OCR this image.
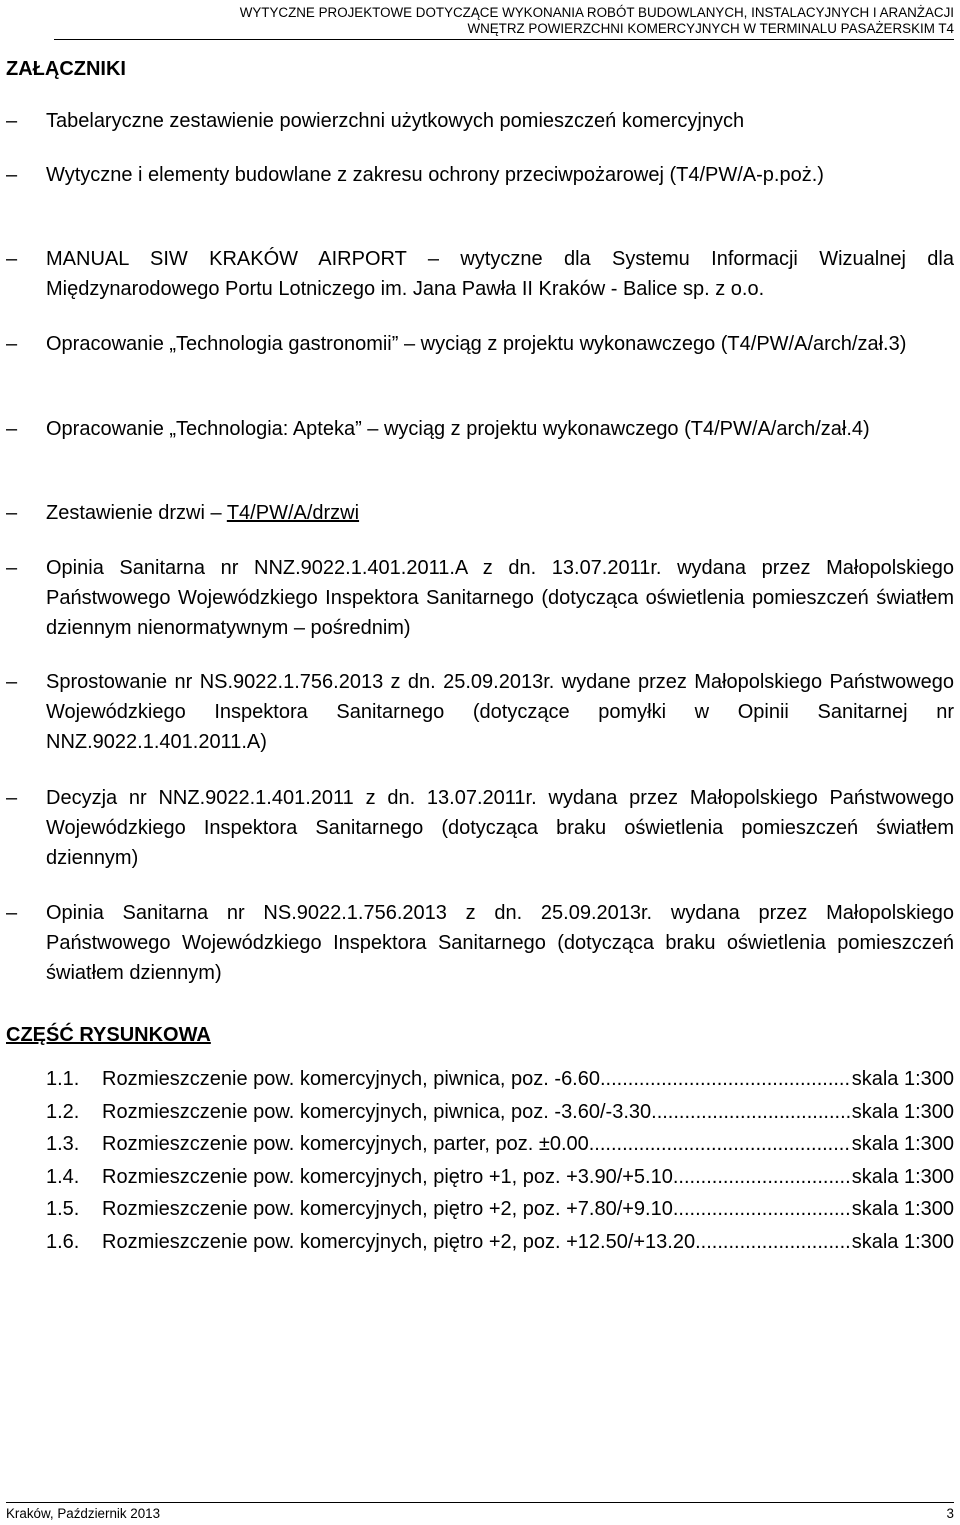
WYTYCZNE PROJEKTOWE DOTYCZĄCE WYKONANIA ROBÓT BUDOWLANYCH, INSTALACYJNYCH I ARANŻACJI
WNĘTRZ POWIERZCHNI KOMERCYJNYCH W TERMINALU PASAŻERSKIM T4
ZAŁĄCZNIKI
–	Tabelaryczne zestawienie powierzchni użytkowych pomieszczeń komercyjnych
–	Wytyczne i elementy budowlane z zakresu ochrony przeciwpożarowej (T4/PW/A-p.poż.)
–	MANUAL SIW KRAKÓW AIRPORT – wytyczne dla Systemu Informacji Wizualnej dla Międzynarodowego Portu Lotniczego im. Jana Pawła II Kraków - Balice sp. z o.o.
–	Opracowanie „Technologia gastronomii” – wyciąg z projektu wykonawczego (T4/PW/A/arch/zał.3)
–	Opracowanie „Technologia: Apteka” – wyciąg z projektu wykonawczego (T4/PW/A/arch/zał.4)
–	Zestawienie drzwi – T4/PW/A/drzwi
–	Opinia Sanitarna nr NNZ.9022.1.401.2011.A z dn. 13.07.2011r. wydana przez Małopolskiego Państwowego Wojewódzkiego Inspektora Sanitarnego (dotycząca oświetlenia pomieszczeń światłem dziennym nienormatywnym – pośrednim)
–	Sprostowanie nr NS.9022.1.756.2013 z dn. 25.09.2013r. wydane przez Małopolskiego Państwowego Wojewódzkiego Inspektora Sanitarnego (dotyczące pomyłki w Opinii Sanitarnej nr NNZ.9022.1.401.2011.A)
–	Decyzja nr NNZ.9022.1.401.2011 z dn. 13.07.2011r. wydana przez Małopolskiego Państwowego Wojewódzkiego Inspektora Sanitarnego (dotycząca braku oświetlenia pomieszczeń światłem dziennym)
–	Opinia Sanitarna nr NS.9022.1.756.2013 z dn. 25.09.2013r. wydana przez Małopolskiego Państwowego Wojewódzkiego Inspektora Sanitarnego (dotycząca braku oświetlenia pomieszczeń światłem dziennym)
CZĘŚĆ RYSUNKOWA
1.1.	Rozmieszczenie pow. komercyjnych, piwnica, poz. -6.60 .....	skala 1:300
1.2.	Rozmieszczenie pow. komercyjnych, piwnica, poz. -3.60/-3.30 .....	skala 1:300
1.3.	Rozmieszczenie pow. komercyjnych, parter, poz. ±0.00 .....	skala 1:300
1.4.	Rozmieszczenie pow. komercyjnych, piętro +1, poz. +3.90/+5.10 .....	skala 1:300
1.5.	Rozmieszczenie pow. komercyjnych, piętro +2, poz. +7.80/+9.10 .....	skala 1:300
1.6.	Rozmieszczenie pow. komercyjnych, piętro +2, poz. +12.50/+13.20 .....	skala 1:300
Kraków, Październik 2013	3
